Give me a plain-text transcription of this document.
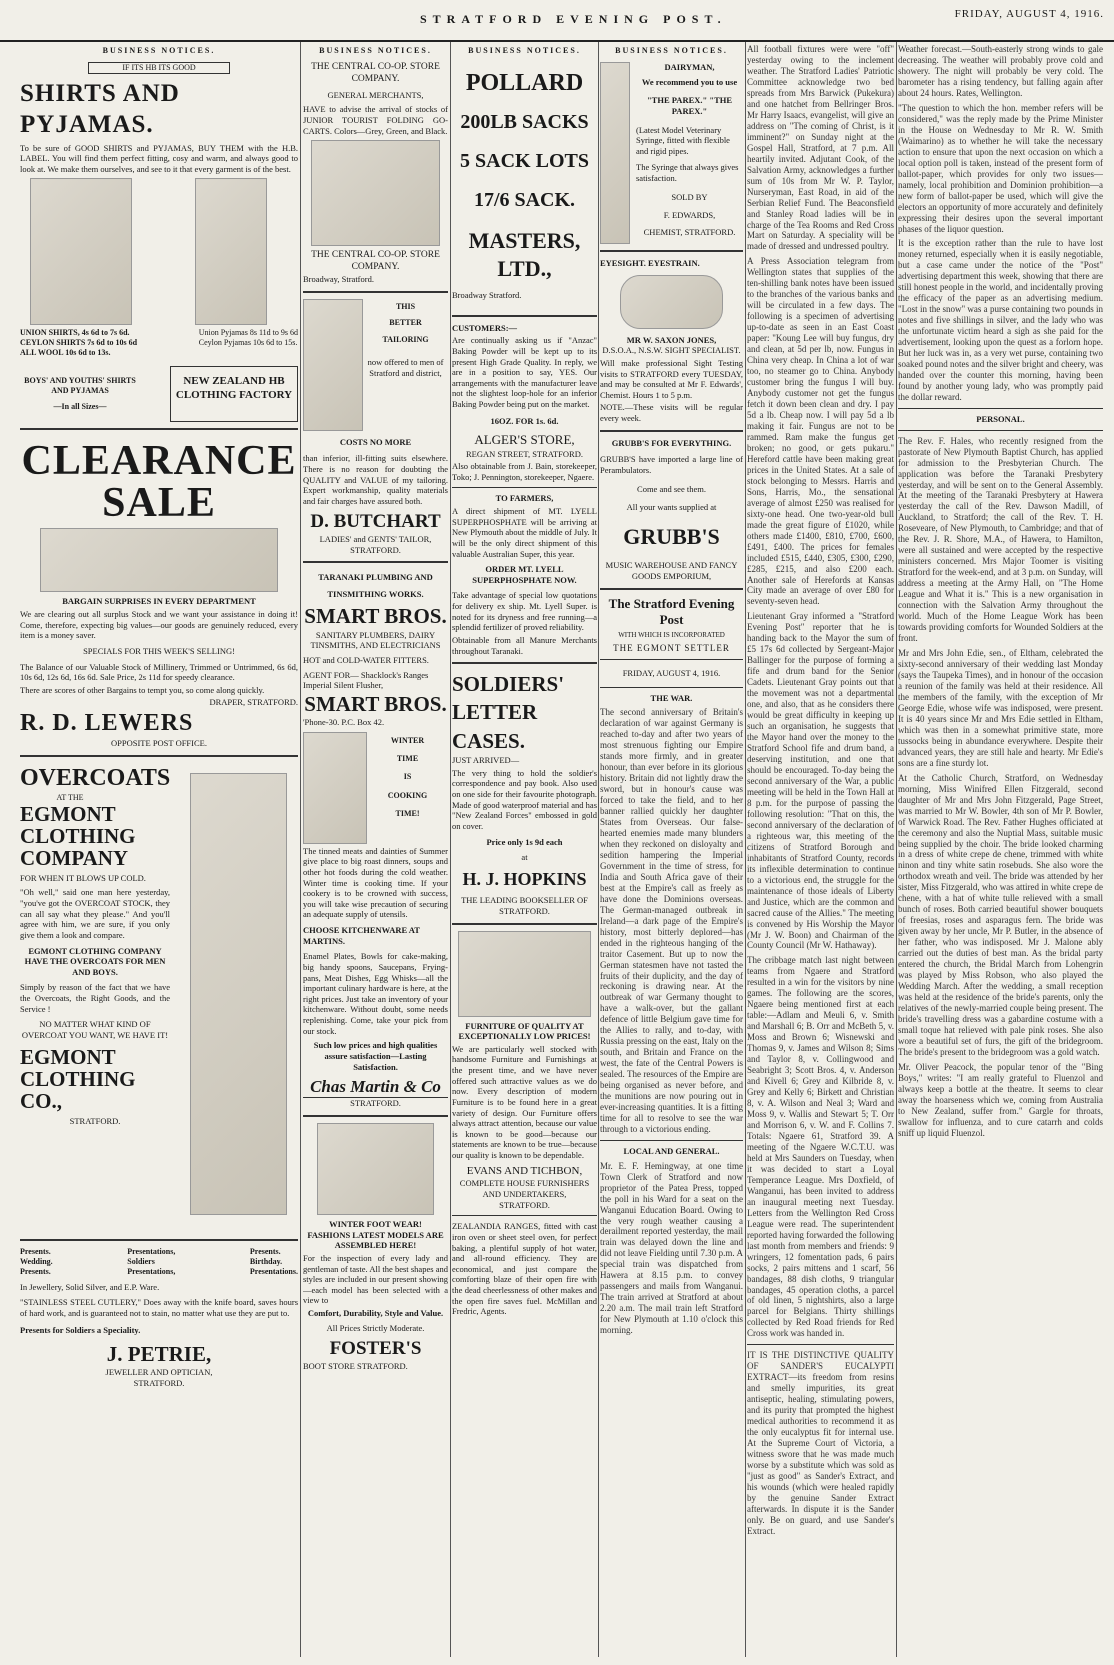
STRATFORD EVENING POST.	FRIDAY, AUGUST 4, 1916.
BUSINESS NOTICES.
IF ITS HB ITS GOOD
SHIRTS AND PYJAMAS.

To be sure of GOOD SHIRTS and PYJAMAS, BUY THEM with the H.B. LABEL. You will find them perfect fitting, cosy and warm, and always good to look at. We make them ourselves, and see to it that every garment is of the best.

UNION SHIRTS, 4s 6d to 7s 6d.
CEYLON SHIRTS 7s 6d to 10s 6d
ALL WOOL 10s 6d to 13s.
Union Pyjamas 8s 11d to 9s 6d
Ceylon Pyjamas 10s 6d to 15s.
BOYS' AND YOUTHS' SHIRTS AND PYJAMAS
—In all Sizes—
NEW ZEALAND HB CLOTHING FACTORY
CLEARANCE SALE
BARGAIN SURPRISES IN EVERY DEPARTMENT

We are clearing out all surplus Stock and we want your assistance in doing it! Come, therefore, expecting big values—our goods are genuinely reduced, every item is a money saver.

SPECIALS FOR THIS WEEK'S SELLING!

The Balance of our Valuable Stock of Millinery, Trimmed or Untrimmed, 6s 6d, 10s 6d, 12s 6d, 16s 6d. Sale Price, 2s 11d for speedy clearance.

There are scores of other Bargains to tempt you, so come along quickly.

DRAPER, STRATFORD.
R. D. LEWERS
OPPOSITE POST OFFICE.
OVERCOATS
AT THE
EGMONT CLOTHING COMPANY
FOR WHEN IT BLOWS UP COLD.

"Oh well," said one man here yesterday, "you've got the OVERCOAT STOCK, they can all say what they please." And you'll agree with him, we are sure, if you only give them a look and compare.

EGMONT CLOTHING COMPANY HAVE THE OVERCOATS FOR MEN AND BOYS.

Simply by reason of the fact that we have the Overcoats, the Right Goods, and the Service !

NO MATTER WHAT KIND OF OVERCOAT YOU WANT, WE HAVE IT!
EGMONT CLOTHING CO.,
STRATFORD.
Presents.
Wedding.
Presents.
Presentations,
Soldiers
Presentations,
Presents.
Birthday.
Presentations.

In Jewellery, Solid Silver, and E.P. Ware.

"STAINLESS STEEL CUTLERY," Does away with the knife board, saves hours of hard work, and is guaranteed not to stain, no matter what use they are put to.

Presents for Soldiers a Speciality.
J. PETRIE,
JEWELLER AND OPTICIAN,
STRATFORD.
BUSINESS NOTICES.
THE CENTRAL CO-OP. STORE COMPANY.
GENERAL MERCHANTS,

HAVE to advise the arrival of stocks of JUNIOR TOURIST FOLDING GO-CARTS. Colors—Grey, Green, and Black.

THE CENTRAL CO-OP. STORE COMPANY.
Broadway, Stratford.
THIS
BETTER
TAILORING
now offered to men of Stratford and district,
COSTS NO MORE

than inferior, ill-fitting suits elsewhere. There is no reason for doubting the QUALITY and VALUE of my tailoring. Expert workmanship, quality materials and fair charges have assured both.

D. BUTCHART
LADIES' and GENTS' TAILOR,
STRATFORD.
TARANAKI PLUMBING AND TINSMITHING WORKS.
SMART BROS.
SANITARY PLUMBERS, DAIRY TINSMITHS, AND ELECTRICIANS
HOT and COLD-WATER FITTERS.
AGENT FOR— Shacklock's Ranges Imperial Silent Flusher,
SMART BROS.
'Phone-30. P.C. Box 42.
WINTER
TIME
IS
COOKING
TIME!

The tinned meats and dainties of Summer give place to big roast dinners, soups and other hot foods during the cold weather. Winter time is cooking time. If your cookery is to be crowned with success, you will take wise precaution of securing an adequate supply of utensils.

CHOOSE KITCHENWARE AT MARTINS.

Enamel Plates, Bowls for cake-making, big handy spoons, Saucepans, Frying-pans, Meat Dishes, Egg Whisks—all the important culinary hardware is here, at the right prices. Just take an inventory of your kitchenware. Without doubt, some needs replenishing. Come, take your pick from our stock.

Such low prices and high qualities assure satisfaction—Lasting Satisfaction.
Chas Martin & Co
STRATFORD.
WINTER FOOT WEAR!
FASHIONS LATEST MODELS ARE ASSEMBLED HERE!

For the inspection of every lady and gentleman of taste. All the best shapes and styles are included in our present showing—each model has been selected with a view to

Comfort, Durability, Style and Value.
All Prices Strictly Moderate.
FOSTER'S
BOOT STORE STRATFORD.
BUSINESS NOTICES.
POLLARD
200LB SACKS
5 SACK LOTS
17/6 SACK.
MASTERS, LTD.,
Broadway Stratford.
CUSTOMERS:—

Are continually asking us if "Anzac" Baking Powder will be kept up to its present High Grade Quality. In reply, we are in a position to say, YES. Our arrangements with the manufacturer leave not the slightest loop-hole for an inferior Baking Powder being put on the market.

16OZ. FOR 1s. 6d.
ALGER'S STORE,
REGAN STREET, STRATFORD.

Also obtainable from J. Bain, storekeeper, Toko; J. Pennington, storekeeper, Ngaere.

TO FARMERS,

A direct shipment of MT. LYELL SUPERPHOSPHATE will be arriving at New Plymouth about the middle of July. It will be the only direct shipment of this valuable Australian Super, this year.

ORDER MT. LYELL SUPERPHOSPHATE NOW.

Take advantage of special low quotations for delivery ex ship. Mt. Lyell Super. is noted for its dryness and free running—a splendid fertilizer of proved reliability.

Obtainable from all Manure Merchants throughout Taranaki.

SOLDIERS' LETTER CASES.
JUST ARRIVED—

The very thing to hold the soldier's correspondence and pay book. Also used on one side for their favourite photograph. Made of good waterproof material and has "New Zealand Forces" embossed in gold on cover.

Price only 1s 9d each
at
H. J. HOPKINS
THE LEADING BOOKSELLER OF STRATFORD.
FURNITURE OF QUALITY AT EXCEPTIONALLY LOW PRICES!

We are particularly well stocked with handsome Furniture and Furnishings at the present time, and we have never offered such attractive values as we do now. Every description of modern Furniture is to be found here in a great variety of design. Our Furniture offers always attract attention, because our value is known to be good—because our statements are known to be true—because our quality is known to be dependable.

EVANS AND TICHBON,
COMPLETE HOUSE FURNISHERS AND UNDERTAKERS,
STRATFORD.

ZEALANDIA RANGES, fitted with cast iron oven or sheet steel oven, for perfect baking, a plentiful supply of hot water, and all-round efficiency. They are economical, and just compare the comforting blaze of their open fire with the dead cheerlessness of other makes and the open fire saves fuel. McMillan and Fredric, Agents.

BUSINESS NOTICES.
DAIRYMAN,
We recommend you to use
"THE PAREX." "THE PAREX."

(Latest Model Veterinary Syringe, fitted with flexible and rigid pipes.

The Syringe that always gives satisfaction.

SOLD BY
F. EDWARDS,
CHEMIST, STRATFORD.
EYESIGHT. EYESTRAIN.
MR W. SAXON JONES,
D.S.O.A., N.S.W. SIGHT SPECIALIST.

Will make professional Sight Testing visits to STRATFORD every TUESDAY, and may be consulted at Mr F. Edwards', Chemist. Hours 1 to 5 p.m.

NOTE.—These visits will be regular every week.

GRUBB'S FOR EVERYTHING.

GRUBB'S have imported a large line of Perambulators.

Come and see them.
All your wants supplied at
GRUBB'S
MUSIC WAREHOUSE AND FANCY GOODS EMPORIUM,
The Stratford Evening Post
WITH WHICH IS INCORPORATED
THE EGMONT SETTLER
FRIDAY, AUGUST 4, 1916.
THE WAR.

The second anniversary of Britain's declaration of war against Germany is reached to-day and after two years of most strenuous fighting our Empire stands more firmly, and in greater honour, than ever before in its glorious history. Britain did not lightly draw the sword, but in honour's cause was forced to take the field, and to her banner rallied quickly her daughter States from Overseas. Our false-hearted enemies made many blunders when they reckoned on disloyalty and sedition hampering the Imperial Government in the time of stress, for India and South Africa gave of their best at the Empire's call as freely as have done the Dominions overseas. The German-managed outbreak in Ireland—a dark page of the Empire's history, most bitterly deplored—has ended in the righteous hanging of the traitor Casement. But up to now the German statesmen have not tasted the fruits of their duplicity, and the day of reckoning is drawing near. At the outbreak of war Germany thought to have a walk-over, but the gallant defence of little Belgium gave time for the Allies to rally, and to-day, with Russia pressing on the east, Italy on the south, and Britain and France on the west, the fate of the Central Powers is sealed. The resources of the Empire are being organised as never before, and the munitions are now pouring out in ever-increasing quantities. It is a fitting time for all to resolve to see the war through to a victorious ending.

LOCAL AND GENERAL.

Mr. E. F. Hemingway, at one time Town Clerk of Stratford and now proprietor of the Patea Press, topped the poll in his Ward for a seat on the Wanganui Education Board. Owing to the very rough weather causing a derailment reported yesterday, the mail train was delayed down the line and did not leave Fielding until 7.30 p.m. A special train was dispatched from Hawera at 8.15 p.m. to convey passengers and mails from Wanganui. The train arrived at Stratford at about 2.20 a.m. The mail train left Stratford for New Plymouth at 1.10 o'clock this morning.

All football fixtures were were "off" yesterday owing to the inclement weather. The Stratford Ladies' Patriotic Committee acknowledge two bed spreads from Mrs Barwick (Pukekura) and one hatchet from Bellringer Bros. Mr Harry Isaacs, evangelist, will give an address on "The coming of Christ, is it imminent?" on Sunday night at the Gospel Hall, Stratford, at 7 p.m. All heartily invited. Adjutant Cook, of the Salvation Army, acknowledges a further sum of 10s from Mr W. P. Taylor, Nurseryman, East Road, in aid of the Serbian Relief Fund. The Beaconsfield and Stanley Road ladies will be in charge of the Tea Rooms and Red Cross Mart on Saturday. A speciality will be made of dressed and undressed poultry.

A Press Association telegram from Wellington states that supplies of the ten-shilling bank notes have been issued to the branches of the various banks and will be circulated in a few days. The following is a specimen of advertising up-to-date as seen in an East Coast paper: "Koung Lee will buy fungus, dry and clean, at 5d per lb, now. Fungus in China very cheap. In China a lot of war too, no steamer go to China. Anybody customer bring the fungus I will buy. Anybody customer not get the fungus fetch it down been clean and dry. I pay 5d a lb. Cheap now. I will pay 5d a lb making it fair. Fungus are not to be rammed. Ram make the fungus get broken; no good, or gets pukaru." Hereford cattle have been making great prices in the United States. At a sale of stock belonging to Messrs. Harris and Sons, Harris, Mo., the sensational average of almost £250 was realised for sixty-one head. One two-year-old bull made the great figure of £1020, while others made £1400, £810, £700, £600, £491, £400. The prices for females included £515, £440, £305, £300, £290, £285, £215, and also £200 each. Another sale of Herefords at Kansas City made an average of over £80 for seventy-seven head.

Lieutenant Gray informed a "Stratford Evening Post" reporter that he is handing back to the Mayor the sum of £5 17s 6d collected by Sergeant-Major Ballinger for the purpose of forming a fife and drum band for the Senior Cadets. Lieutenant Gray points out that the movement was not a departmental one, and also, that as he considers there would be great difficulty in keeping up such an organisation, he suggests that the Mayor hand over the money to the Stratford School fife and drum band, a deserving institution, and one that should be encouraged. To-day being the second anniversary of the War, a public meeting will be held in the Town Hall at 8 p.m. for the purpose of passing the following resolution: "That on this, the second anniversary of the declaration of a righteous war, this meeting of the citizens of Stratford Borough and inhabitants of Stratford County, records its inflexible determination to continue to a victorious end, the struggle for the maintenance of those ideals of Liberty and Justice, which are the common and sacred cause of the Allies." The meeting is convened by His Worship the Mayor (Mr J. W. Boon) and Chairman of the County Council (Mr W. Hathaway).

The cribbage match last night between teams from Ngaere and Stratford resulted in a win for the visitors by nine games. The following are the scores, Ngaere being mentioned first at each table:—Adlam and Meuli 6, v. Smith and Marshall 6; B. Orr and McBeth 5, v. Moss and Brown 6; Wisnewski and Thomas 9, v. James and Wilson 8; Sims and Taylor 8, v. Collingwood and Seabright 3; Scott Bros. 4, v. Anderson and Kivell 6; Grey and Kilbride 8, v. Grey and Kelly 6; Birkett and Christian 8, v. A. Wilson and Neal 3; Ward and Moss 9, v. Wallis and Stewart 5; T. Orr and Morrison 6, v. W. and F. Collins 7. Totals: Ngaere 61, Stratford 39. A meeting of the Ngaere W.C.T.U. was held at Mrs Saunders on Tuesday, when it was decided to start a Loyal Temperance League. Mrs Doxfield, of Wanganui, has been invited to address an inaugural meeting next Tuesday. Letters from the Wellington Red Cross League were read. The superintendent reported having forwarded the following last month from members and friends: 9 wringers, 12 fomentation pads, 6 pairs socks, 2 pairs mittens and 1 scarf, 56 bandages, 88 dish cloths, 9 triangular bandages, 45 operation cloths, a parcel of old linen, 5 nightshirts, also a large parcel for Belgians. Thirty shillings collected by Red Road friends for Red Cross work was handed in.

IT IS THE DISTINCTIVE QUALITY OF SANDER'S EUCALYPTI EXTRACT—its freedom from resins and smelly impurities, its great antiseptic, healing, stimulating powers, and its purity that prompted the highest medical authorities to recommend it as the only eucalyptus fit for internal use. At the Supreme Court of Victoria, a witness swore that he was made much worse by a substitute which was sold as "just as good" as Sander's Extract, and his wounds (which were healed rapidly by the genuine Sander Extract afterwards. In dispute it is the Sander only. Be on guard, and use Sander's Extract.

Weather forecast.—South-easterly strong winds to gale decreasing. The weather will probably prove cold and showery. The night will probably be very cold. The barometer has a rising tendency, but falling again after about 24 hours. Rates, Wellington.

"The question to which the hon. member refers will be considered," was the reply made by the Prime Minister in the House on Wednesday to Mr R. W. Smith (Waimarino) as to whether he will take the necessary action to ensure that upon the next occasion on which a local option poll is taken, instead of the present form of ballot-paper, which provides for only two issues—namely, local prohibition and Dominion prohibition—a new form of ballot-paper be used, which will give the electors an opportunity of more accurately and definitely expressing their desires upon the several important phases of the liquor question.

It is the exception rather than the rule to have lost money returned, especially when it is easily negotiable, but a case came under the notice of the "Post" advertising department this week, showing that there are still honest people in the world, and incidentally proving the efficacy of the paper as an advertising medium. "Lost in the snow" was a purse containing two pounds in notes and five shillings in silver, and the lady who was the unfortunate victim heard a sigh as she paid for the advertisement, looking upon the quest as a forlorn hope. But her luck was in, as a very wet purse, containing two soaked pound notes and the silver bright and cheery, was handed over the counter this morning, having been found by another young lady, who was promptly paid the dollar reward.

PERSONAL.

The Rev. F. Hales, who recently resigned from the pastorate of New Plymouth Baptist Church, has applied for admission to the Presbyterian Church. The application was before the Taranaki Presbytery yesterday, and will be sent on to the General Assembly. At the meeting of the Taranaki Presbytery at Hawera yesterday the call of the Rev. Dawson Madill, of Auckland, to Stratford; the call of the Rev. T. H. Roseveare, of New Plymouth, to Cambridge; and that of the Rev. J. R. Shore, M.A., of Hawera, to Hamilton, were all sustained and were accepted by the respective ministers concerned. Mrs Major Toomer is visiting Stratford for the week-end, and at 3 p.m. on Sunday, will address a meeting at the Army Hall, on "The Home League and What it is." This is a new organisation in connection with the Salvation Army throughout the world. Much of the Home League Work has been towards providing comforts for Wounded Soldiers at the front.

Mr and Mrs John Edie, sen., of Eltham, celebrated the sixty-second anniversary of their wedding last Monday (says the Taupeka Times), and in honour of the occasion a reunion of the family was held at their residence. All the members of the family, with the exception of Mr George Edie, whose wife was indisposed, were present. It is 40 years since Mr and Mrs Edie settled in Eltham, which was then in a somewhat primitive state, more tussocks being in abundance everywhere. Despite their advanced years, they are still hale and hearty. Mr Edie's sons are a fine sturdy lot.

At the Catholic Church, Stratford, on Wednesday morning, Miss Winifred Ellen Fitzgerald, second daughter of Mr and Mrs John Fitzgerald, Page Street, was married to Mr W. Bowler, 4th son of Mr P. Bowler, of Warwick Road. The Rev. Father Hughes officiated at the ceremony and also the Nuptial Mass, suitable music being supplied by the choir. The bride looked charming in a dress of white crepe de chene, trimmed with white ninon and tiny white satin rosebuds. She also wore the orthodox wreath and veil. The bride was attended by her sister, Miss Fitzgerald, who was attired in white crepe de chene, with a hat of white tulle relieved with a small bunch of roses. Both carried beautiful shower bouquets of freesias, roses and asparagus fern. The bride was given away by her uncle, Mr P. Butler, in the absence of her father, who was indisposed. Mr J. Malone ably carried out the duties of best man. As the bridal party entered the church, the Bridal March from Lohengrin was played by Miss Robson, who also played the Wedding March. After the wedding, a small reception was held at the residence of the bride's parents, only the relatives of the newly-married couple being present. The bride's travelling dress was a gabardine costume with a small toque hat relieved with pale pink roses. She also wore a beautiful set of furs, the gift of the bridegroom. The bride's present to the bridegroom was a gold watch.

Mr. Oliver Peacock, the popular tenor of the "Bing Boys," writes: "I am really grateful to Fluenzol and always keep a bottle at the theatre. It seems to clear away the hoarseness which we, coming from Australia to New Zealand, suffer from." Gargle for throats, swallow for influenza, and to cure catarrh and colds sniff up liquid Fluenzol.
